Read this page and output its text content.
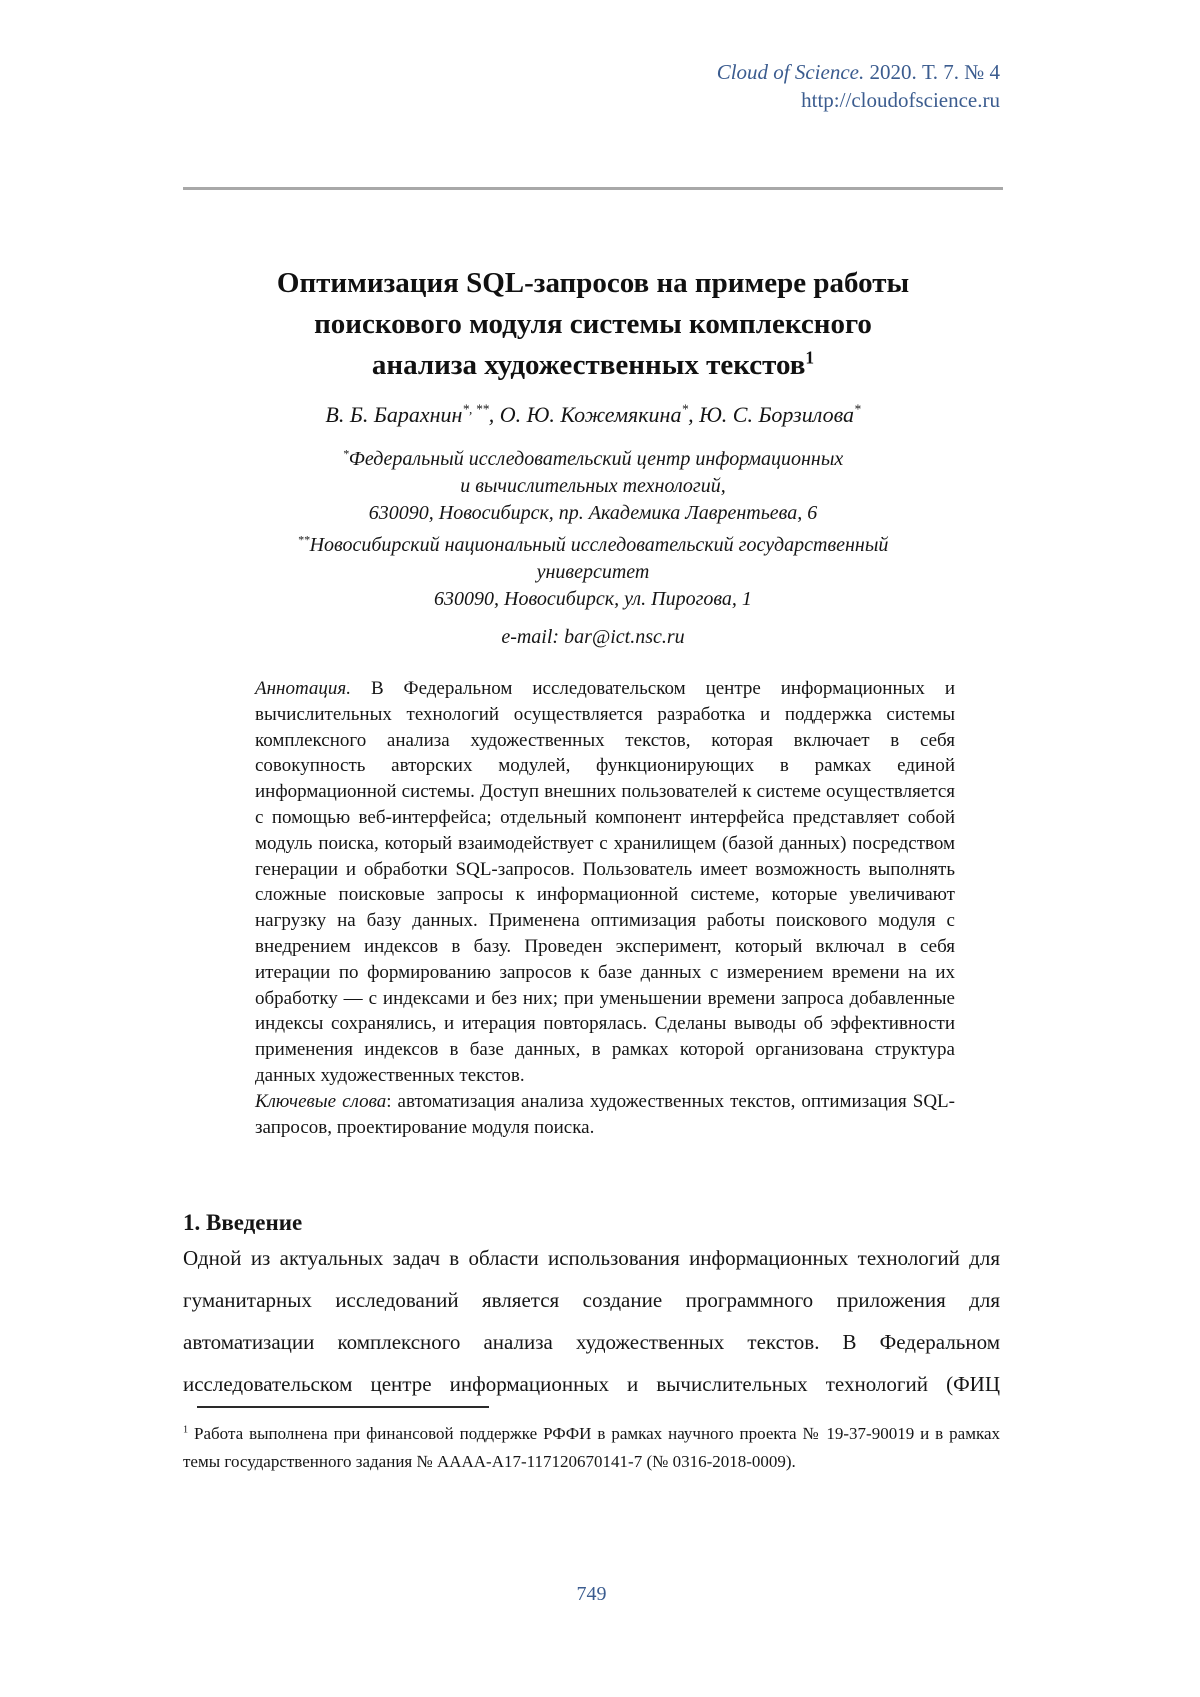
Cloud of Science. 2020. Т. 7. № 4
http://cloudofscience.ru
Оптимизация SQL-запросов на примере работы
поискового модуля системы комплексного
анализа художественных текстов$^1$
В. Б. Барахнин*, **, О. Ю. Кожемякина*, Ю. С. Борзилова*
*Федеральный исследовательский центр информационных
и вычислительных технологий,
630090, Новосибирск, пр. Академика Лаврентьева, 6
**Новосибирский национальный исследовательский государственный
университет
630090, Новосибирск, ул. Пирогова, 1
e-mail: bar@ict.nsc.ru
Аннотация. В Федеральном исследовательском центре информационных и вычислительных технологий осуществляется разработка и поддержка системы комплексного анализа художественных текстов, которая включает в себя совокупность авторских модулей, функционирующих в рамках единой информационной системы. Доступ внешних пользователей к системе осуществляется с помощью веб-интерфейса; отдельный компонент интерфейса представляет собой модуль поиска, который взаимодействует с хранилищем (базой данных) посредством генерации и обработки SQL-запросов. Пользователь имеет возможность выполнять сложные поисковые запросы к информационной системе, которые увеличивают нагрузку на базу данных. Применена оптимизация работы поискового модуля с внедрением индексов в базу. Проведен эксперимент, который включал в себя итерации по формированию запросов к базе данных с измерением времени на их обработку — с индексами и без них; при уменьшении времени запроса добавленные индексы сохранялись, и итерация повторялась. Сделаны выводы об эффективности применения индексов в базе данных, в рамках которой организована структура данных художественных текстов.
Ключевые слова: автоматизация анализа художественных текстов, оптимизация SQL-запросов, проектирование модуля поиска.
1. Введение

Одной из актуальных задач в области использования информационных технологий для гуманитарных исследований является создание программного приложения для автоматизации комплексного анализа художественных текстов. В Федеральном исследовательском центре информационных и вычислительных технологий (ФИЦ

$^1$ Работа выполнена при финансовой поддержке РФФИ в рамках научного проекта № 19-37-90019 и в рамках темы государственного задания № АААА-А17-117120670141-7 (№ 0316-2018-0009).
749
